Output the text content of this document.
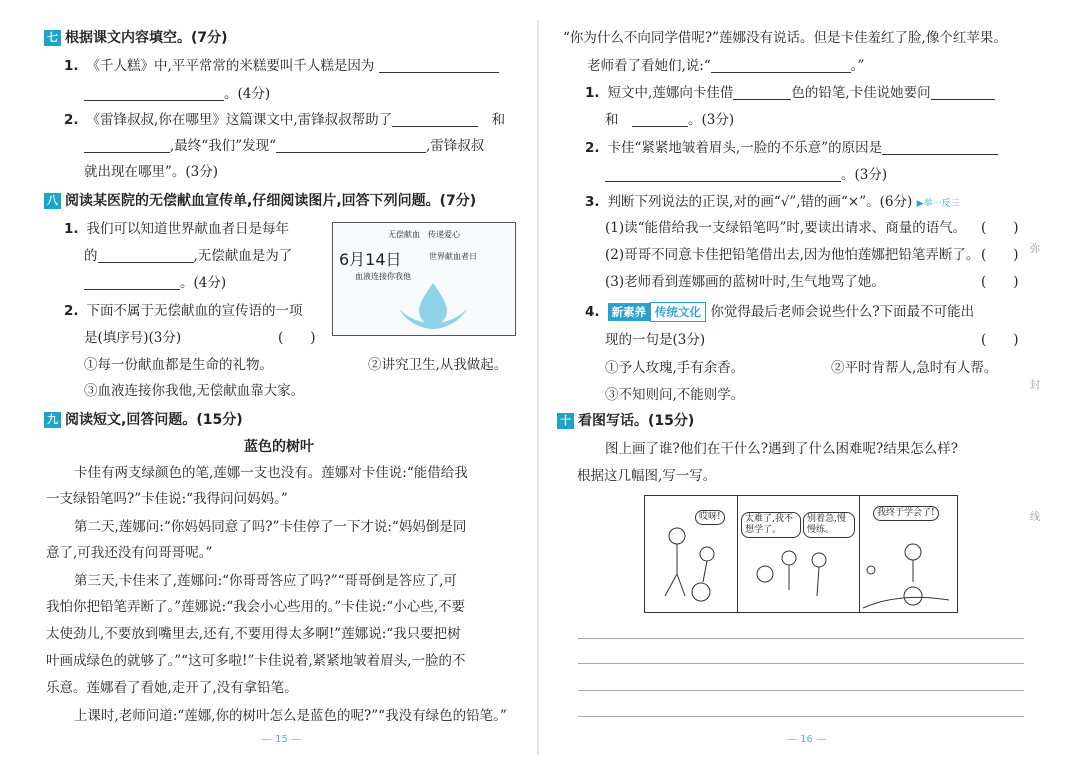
七 根据课文内容填空。(7分)
1. 《千人糕》中,平平常常的米糕要叫千人糕是因为
。(4分)
2. 《雷锋叔叔,你在哪里》这篇课文中,雷锋叔叔帮助了　	和
,最终“我们”发现“	,雷锋叔叔
就出现在哪里”。(3分)
八 阅读某医院的无偿献血宣传单,仔细阅读图片,回答下列问题。(7分)
1. 我们可以知道世界献血者日是每年
的	,无偿献血是为了
。(4分)
2. 下面不属于无偿献血的宣传语的一项
是(填序号)(3分)	(　　)
①每一份献血都是生命的礼物。	②讲究卫生,从我做起。
③血液连接你我他,无偿献血靠大家。
无偿献血　传递爱心
6月14日	世界献血者日
血液连接你我他
九 阅读短文,回答问题。(15分)
蓝色的树叶
卡佳有两支绿颜色的笔,莲娜一支也没有。莲娜对卡佳说:“能借给我
一支绿铅笔吗?”卡佳说:“我得问问妈妈。”
第二天,莲娜问:“你妈妈同意了吗?”卡佳停了一下才说:“妈妈倒是同
意了,可我还没有问哥哥呢。”
第三天,卡佳来了,莲娜问:“你哥哥答应了吗?”“哥哥倒是答应了,可
我怕你把铅笔弄断了。”莲娜说:“我会小心些用的。”卡佳说:“小心些,不要
太使劲儿,不要放到嘴里去,还有,不要用得太多啊!”莲娜说:“我只要把树
叶画成绿色的就够了。”“这可多啦!”卡佳说着,紧紧地皱着眉头,一脸的不
乐意。莲娜看了看她,走开了,没有拿铅笔。
上课时,老师问道:“莲娜,你的树叶怎么是蓝色的呢?”“我没有绿色的铅笔。”
— 15 —
“你为什么不向同学借呢?”莲娜没有说话。但是卡佳羞红了脸,像个红苹果。
老师看了看她们,说:“	。”
1. 短文中,莲娜向卡佳借	色的铅笔,卡佳说她要问
和　	。(3分)
2. 卡佳“紧紧地皱着眉头,一脸的不乐意”的原因是
。(3分)
3. 判断下列说法的正误,对的画“√”,错的画“×”。(6分) ▶举一反三
(1)读“能借给我一支绿铅笔吗”时,要读出请求、商量的语气。 (　　)
(2)哥哥不同意卡佳把铅笔借出去,因为他怕莲娜把铅笔弄断了。 (　　)
(3)老师看到莲娜画的蓝树叶时,生气地骂了她。	(　　)
4. 新素养 传统文化 你觉得最后老师会说些什么?下面最不可能出
现的一句是(3分)	(　　)
①予人玫瑰,手有余香。	②平时肯帮人,急时有人帮。
③不知则问,不能则学。
十 看图写话。(15分)
图上画了谁?他们在干什么?遇到了什么困难呢?结果怎么样?
根据这几幅图,写一写。
— 16 —
哎呀!	太难了,我不想学了。
别着急,慢慢练。
我终于学会了!
弥
封
线
